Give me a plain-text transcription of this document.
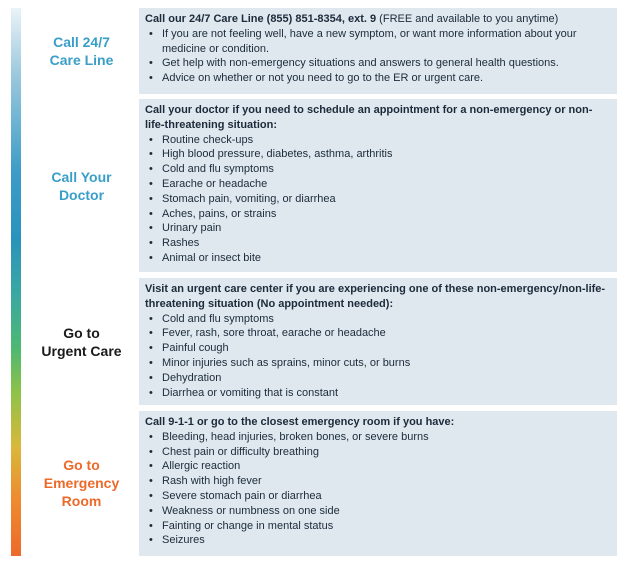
Call 24/7
Care Line

Call our 24/7 Care Line (855) 851-8354, ext. 9 (FREE and available to you anytime)

• If you are not feeling well, have a new symptom, or want more information about your medicine or condition.
• Get help with non-emergency situations and answers to general health questions.
• Advice on whether or not you need to go to the ER or urgent care.
Call Your
Doctor

Call your doctor if you need to schedule an appointment for a non-emergency or non-life-threatening situation:

• Routine check-ups
• High blood pressure, diabetes, asthma, arthritis
• Cold and flu symptoms
• Earache or headache
• Stomach pain, vomiting, or diarrhea
• Aches, pains, or strains
• Urinary pain
• Rashes
• Animal or insect bite
Go to
Urgent Care

Visit an urgent care center if you are experiencing one of these non-emergency/non-life-threatening situation (No appointment needed):

• Cold and flu symptoms
• Fever, rash, sore throat, earache or headache
• Painful cough
• Minor injuries such as sprains, minor cuts, or burns
• Dehydration
• Diarrhea or vomiting that is constant
Go to
Emergency
Room

Call 9-1-1 or go to the closest emergency room if you have:

• Bleeding, head injuries, broken bones, or severe burns
• Chest pain or difficulty breathing
• Allergic reaction
• Rash with high fever
• Severe stomach pain or diarrhea
• Weakness or numbness on one side
• Fainting or change in mental status
• Seizures
